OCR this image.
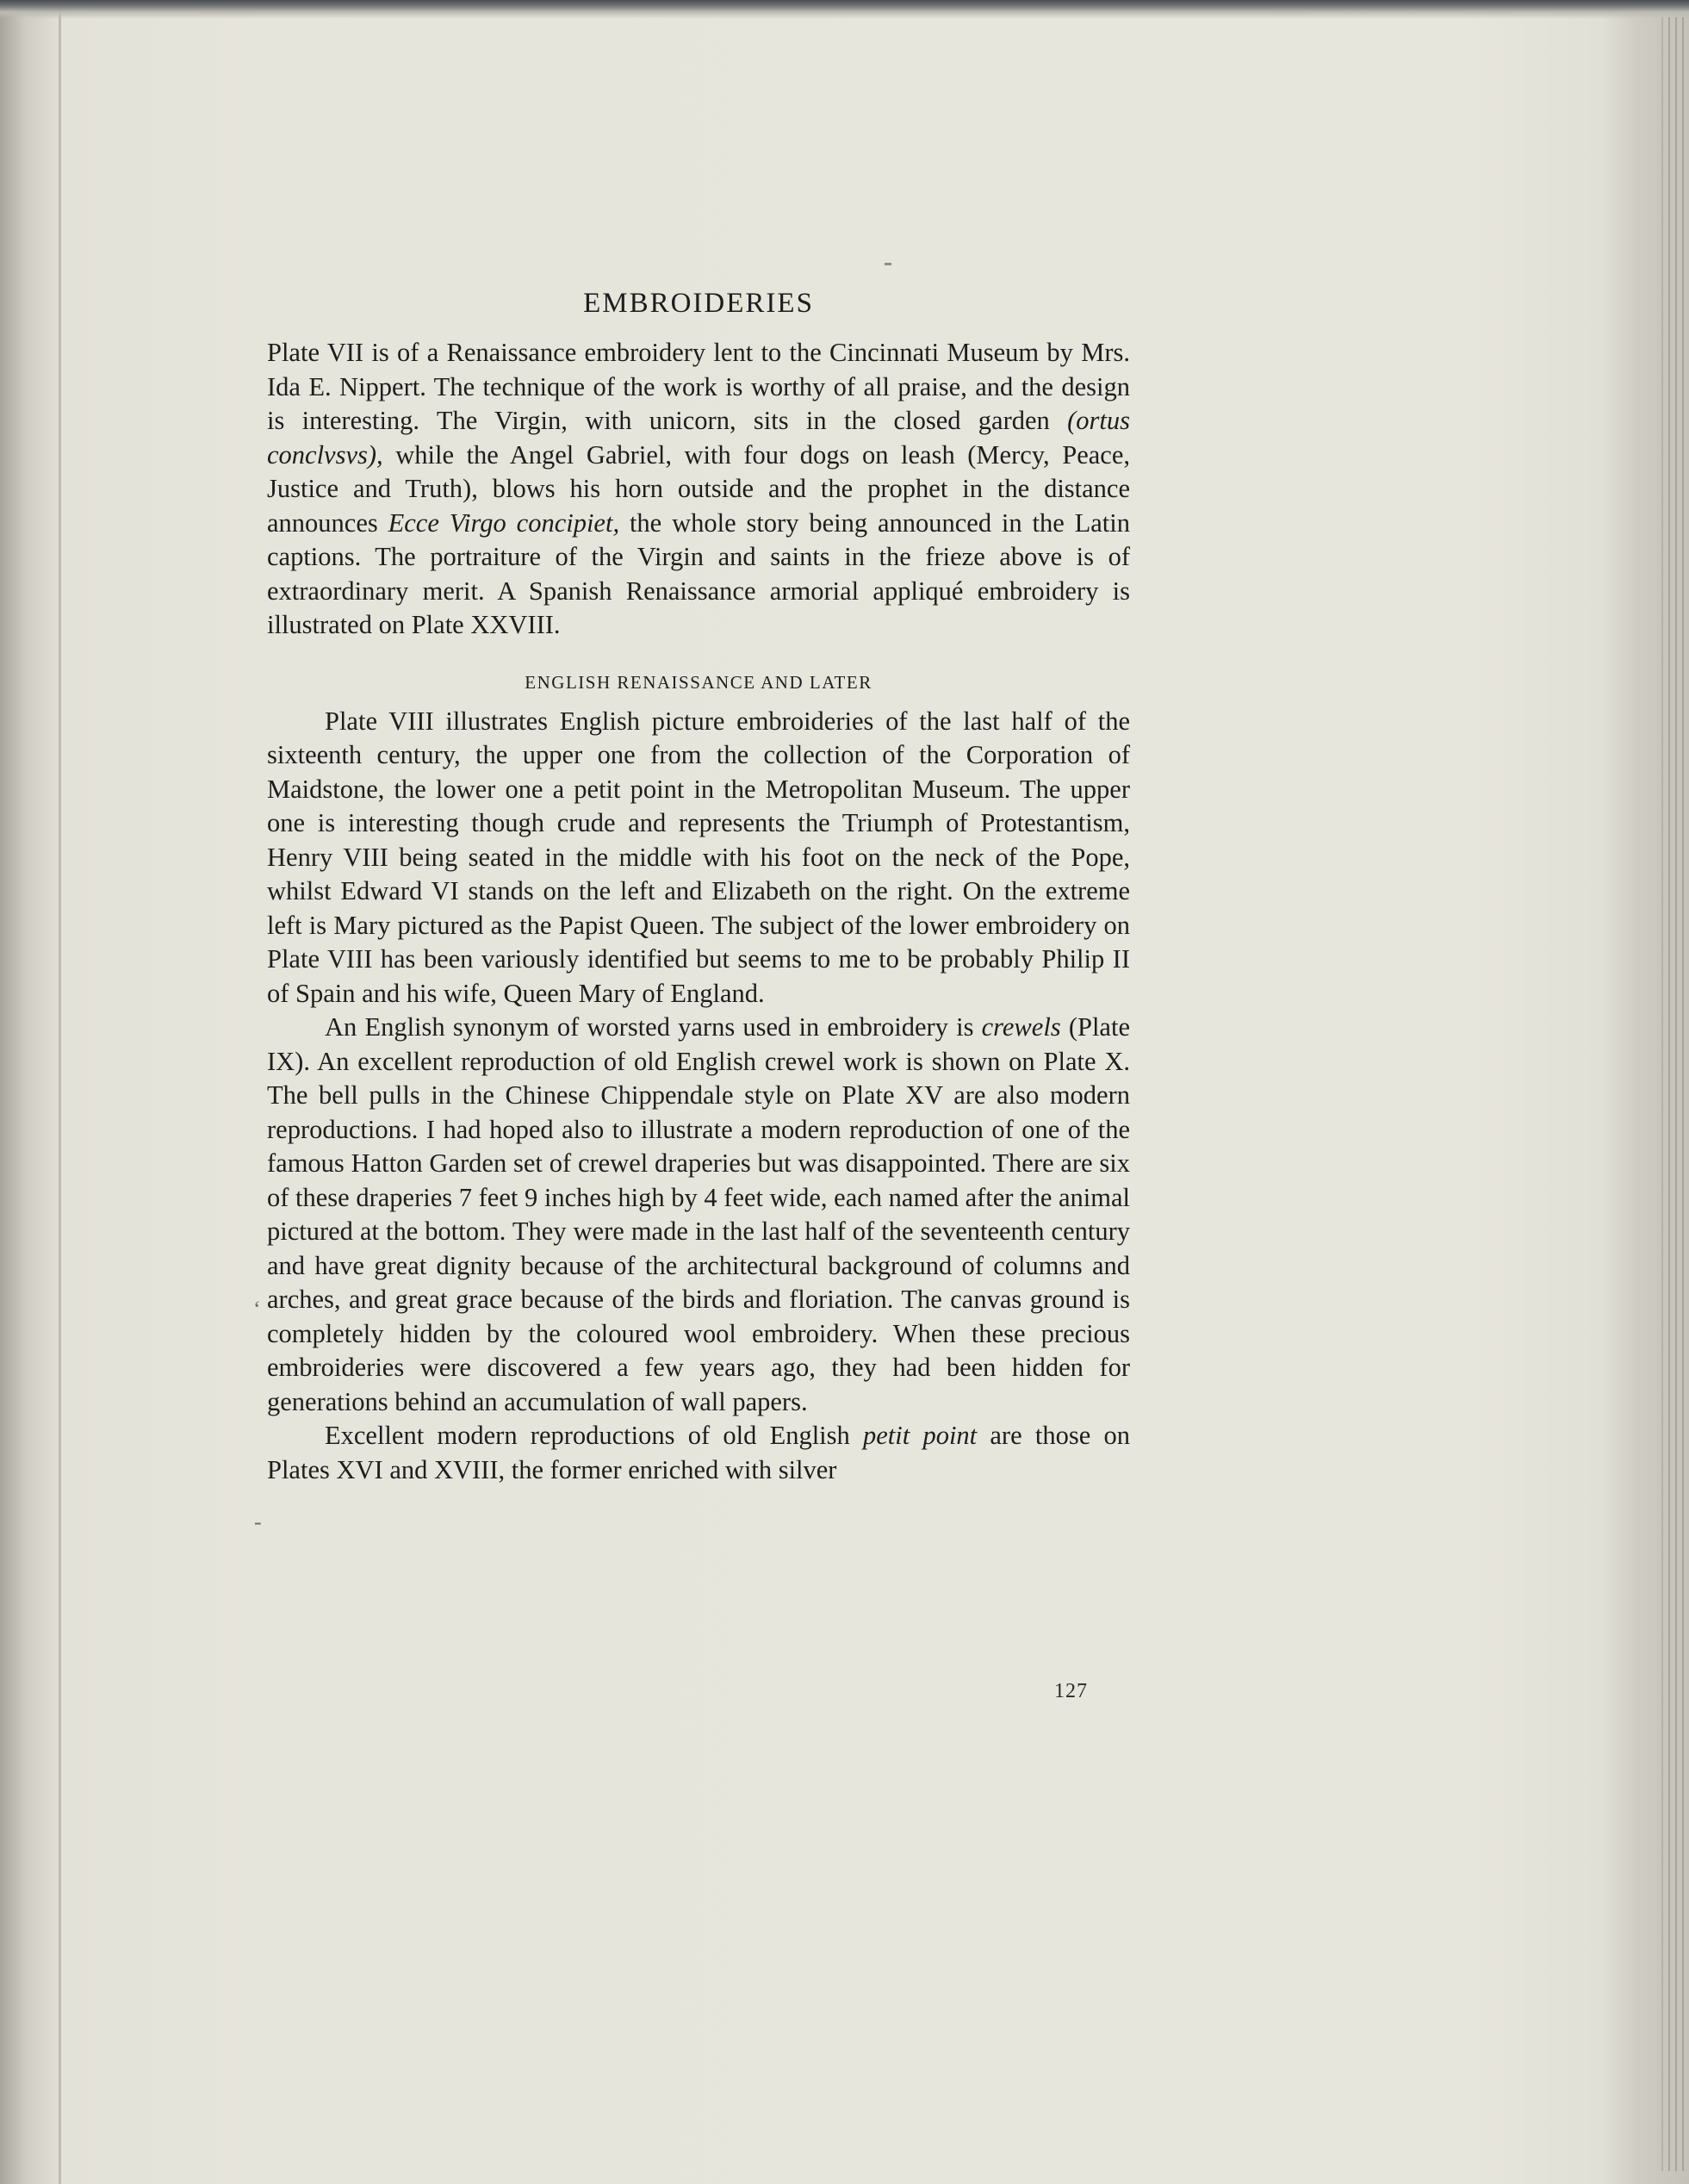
EMBROIDERIES

Plate VII is of a Renaissance embroidery lent to the Cincinnati Museum by Mrs. Ida E. Nippert. The technique of the work is worthy of all praise, and the design is interesting. The Virgin, with unicorn, sits in the closed garden (ortus conclvsvs), while the Angel Gabriel, with four dogs on leash (Mercy, Peace, Justice and Truth), blows his horn outside and the prophet in the distance announces Ecce Virgo concipiet, the whole story being announced in the Latin captions. The portraiture of the Virgin and saints in the frieze above is of extraordinary merit. A Spanish Renaissance armorial appliqué embroidery is illustrated on Plate XXVIII.

ENGLISH RENAISSANCE AND LATER

Plate VIII illustrates English picture embroideries of the last half of the sixteenth century, the upper one from the collection of the Corporation of Maidstone, the lower one a petit point in the Metropolitan Museum. The upper one is interesting though crude and represents the Triumph of Protestantism, Henry VIII being seated in the middle with his foot on the neck of the Pope, whilst Edward VI stands on the left and Elizabeth on the right. On the extreme left is Mary pictured as the Papist Queen. The subject of the lower embroidery on Plate VIII has been variously identified but seems to me to be probably Philip II of Spain and his wife, Queen Mary of England.

An English synonym of worsted yarns used in embroidery is crewels (Plate IX). An excellent reproduction of old English crewel work is shown on Plate X. The bell pulls in the Chinese Chippendale style on Plate XV are also modern reproductions. I had hoped also to illustrate a modern reproduction of one of the famous Hatton Garden set of crewel draperies but was disappointed. There are six of these draperies 7 feet 9 inches high by 4 feet wide, each named after the animal pictured at the bottom. They were made in the last half of the seventeenth century and have great dignity because of the architectural background of columns and arches, and great grace because of the birds and floriation. The canvas ground is completely hidden by the coloured wool embroidery. When these precious embroideries were discovered a few years ago, they had been hidden for generations behind an accumulation of wall papers.

Excellent modern reproductions of old English petit point are those on Plates XVI and XVIII, the former enriched with silver

‘
-
127
